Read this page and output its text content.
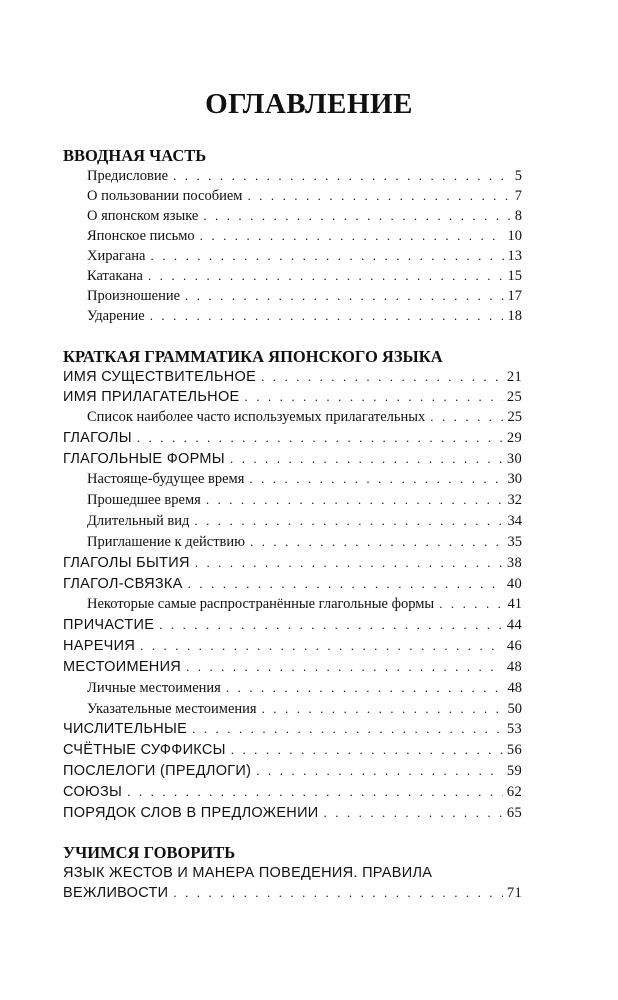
ОГЛАВЛЕНИЕ
ВВОДНАЯ ЧАСТЬ
Предисловие . . .	5
О пользовании пособием . . .	7
О японском языке . . .	8
Японское письмо . . .	10
Хирагана . . .	13
Катакана . . .	15
Произношение . . .	17
Ударение . . .	18
КРАТКАЯ ГРАММАТИКА ЯПОНСКОГО ЯЗЫКА
ИМЯ СУЩЕСТВИТЕЛЬНОЕ . . .	21
ИМЯ ПРИЛАГАТЕЛЬНОЕ . . .	25
Список наиболее часто используемых прилагательных . . .	25
ГЛАГОЛЫ . . .	29
ГЛАГОЛЬНЫЕ ФОРМЫ . . .	30
Настояще-будущее время . . .	30
Прошедшее время . . .	32
Длительный вид . . .	34
Приглашение к действию . . .	35
ГЛАГОЛЫ БЫТИЯ . . .	38
ГЛАГОЛ-СВЯЗКА . . .	40
Некоторые самые распространённые глагольные формы . . .	41
ПРИЧАСТИЕ . . .	44
НАРЕЧИЯ . . .	46
МЕСТОИМЕНИЯ . . .	48
Личные местоимения . . .	48
Указательные местоимения . . .	50
ЧИСЛИТЕЛЬНЫЕ . . .	53
СЧЁТНЫЕ СУФФИКСЫ . . .	56
ПОСЛЕЛОГИ (ПРЕДЛОГИ) . . .	59
СОЮЗЫ . . .	62
ПОРЯДОК СЛОВ В ПРЕДЛОЖЕНИИ . . .	65
УЧИМСЯ ГОВОРИТЬ
ЯЗЫК ЖЕСТОВ И МАНЕРА ПОВЕДЕНИЯ. ПРАВИЛА
ВЕЖЛИВОСТИ . . .	71
